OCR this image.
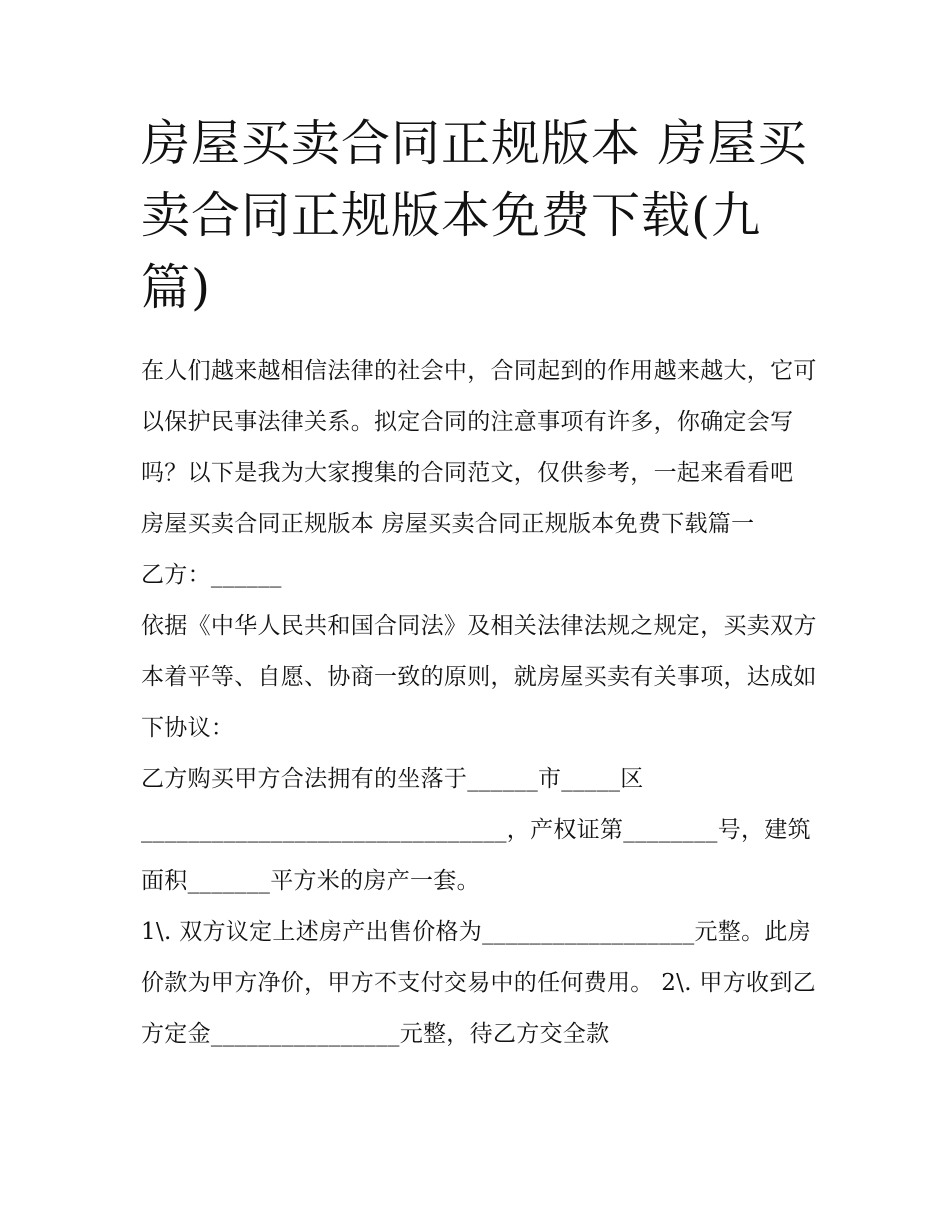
房屋买卖合同正规版本 房屋买卖合同正规版本免费下载(九篇)

在人们越来越相信法律的社会中，合同起到的作用越来越大，它可以保护民事法律关系。拟定合同的注意事项有许多，你确定会写吗？以下是我为大家搜集的合同范文，仅供参考，一起来看看吧

房屋买卖合同正规版本 房屋买卖合同正规版本免费下载篇一

乙方：______

依据《中华人民共和国合同法》及相关法律法规之规定，买卖双方本着平等、自愿、协商一致的原则，就房屋买卖有关事项，达成如下协议：

乙方购买甲方合法拥有的坐落于______市_____区_______________________________，产权证第________号，建筑面积_______平方米的房产一套。

1\. 双方议定上述房产出售价格为__________________元整。此房价款为甲方净价，甲方不支付交易中的任何费用。 2\. 甲方收到乙方定金________________元整，待乙方交全款
